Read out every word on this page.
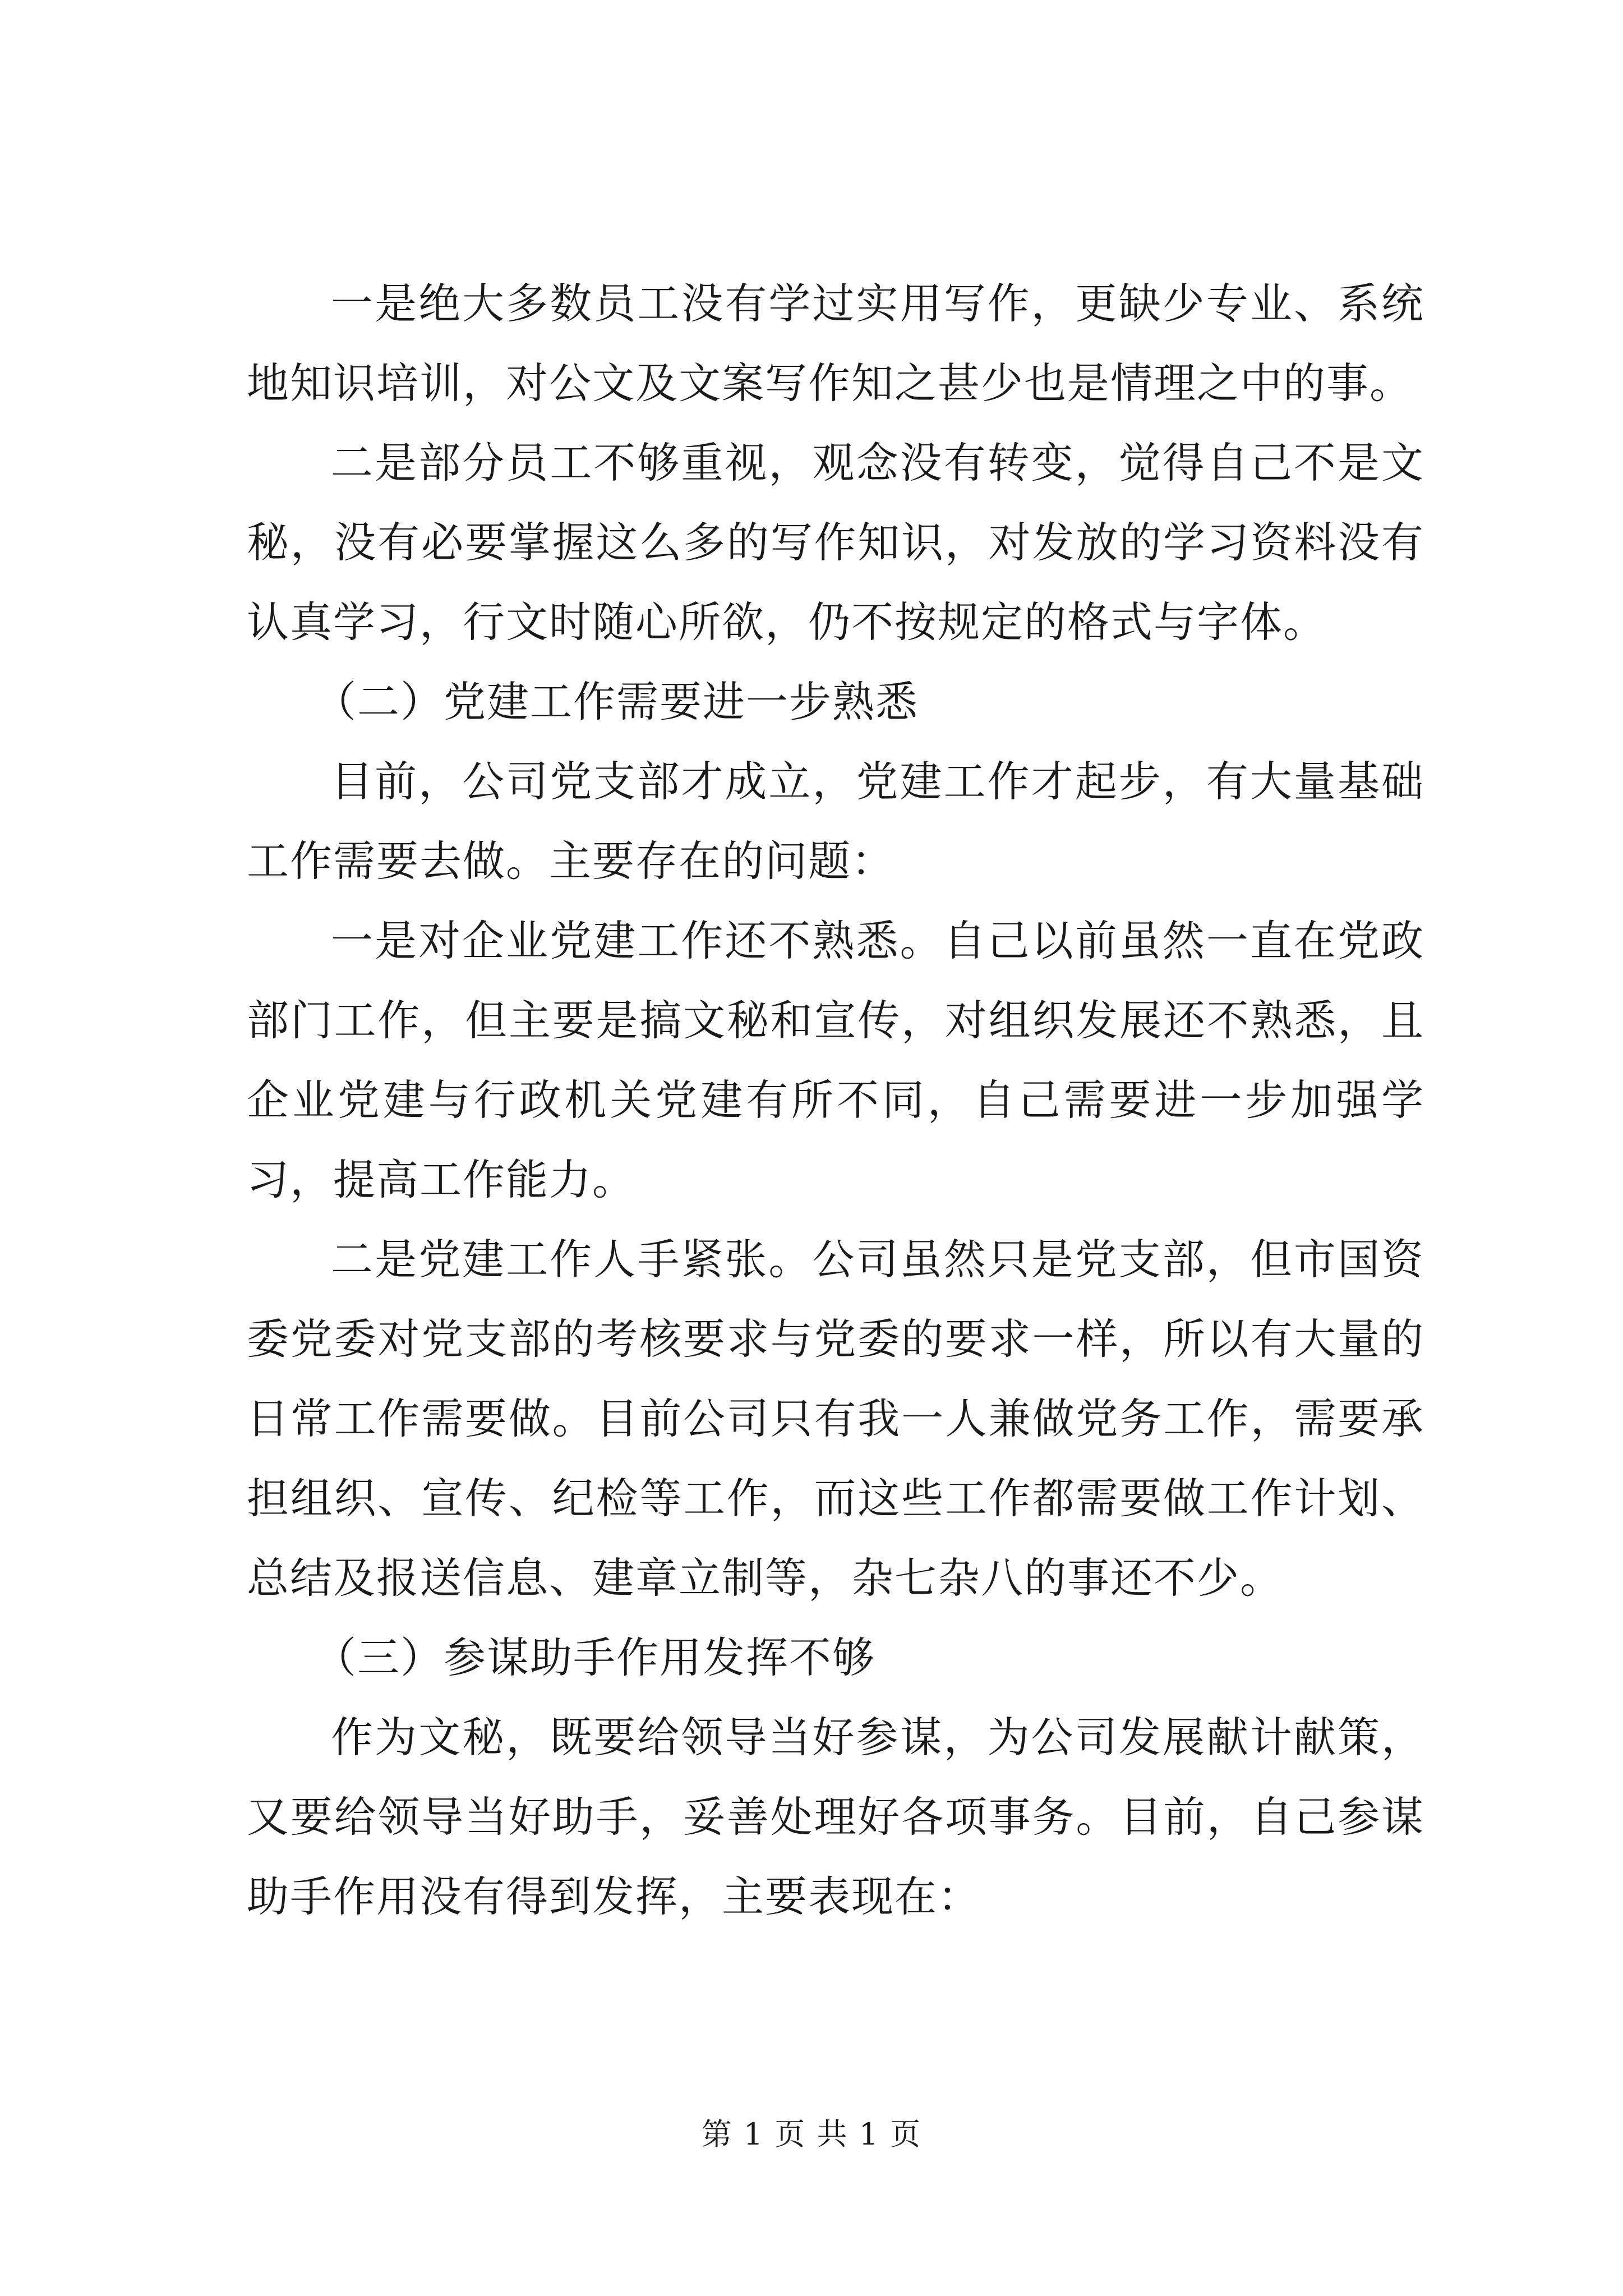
一是绝大多数员工没有学过实用写作，更缺少专业、系统地知识培训，对公文及文案写作知之甚少也是情理之中的事。

二是部分员工不够重视，观念没有转变，觉得自己不是文秘，没有必要掌握这么多的写作知识，对发放的学习资料没有认真学习，行文时随心所欲，仍不按规定的格式与字体。

（二）党建工作需要进一步熟悉

目前，公司党支部才成立，党建工作才起步，有大量基础工作需要去做。主要存在的问题：

一是对企业党建工作还不熟悉。自己以前虽然一直在党政部门工作，但主要是搞文秘和宣传，对组织发展还不熟悉，且企业党建与行政机关党建有所不同，自己需要进一步加强学习，提高工作能力。

二是党建工作人手紧张。公司虽然只是党支部，但市国资委党委对党支部的考核要求与党委的要求一样，所以有大量的日常工作需要做。目前公司只有我一人兼做党务工作，需要承担组织、宣传、纪检等工作，而这些工作都需要做工作计划、总结及报送信息、建章立制等，杂七杂八的事还不少。

（三）参谋助手作用发挥不够

作为文秘，既要给领导当好参谋，为公司发展献计献策，又要给领导当好助手，妥善处理好各项事务。目前，自己参谋助手作用没有得到发挥，主要表现在：

第 1 页 共 1 页
